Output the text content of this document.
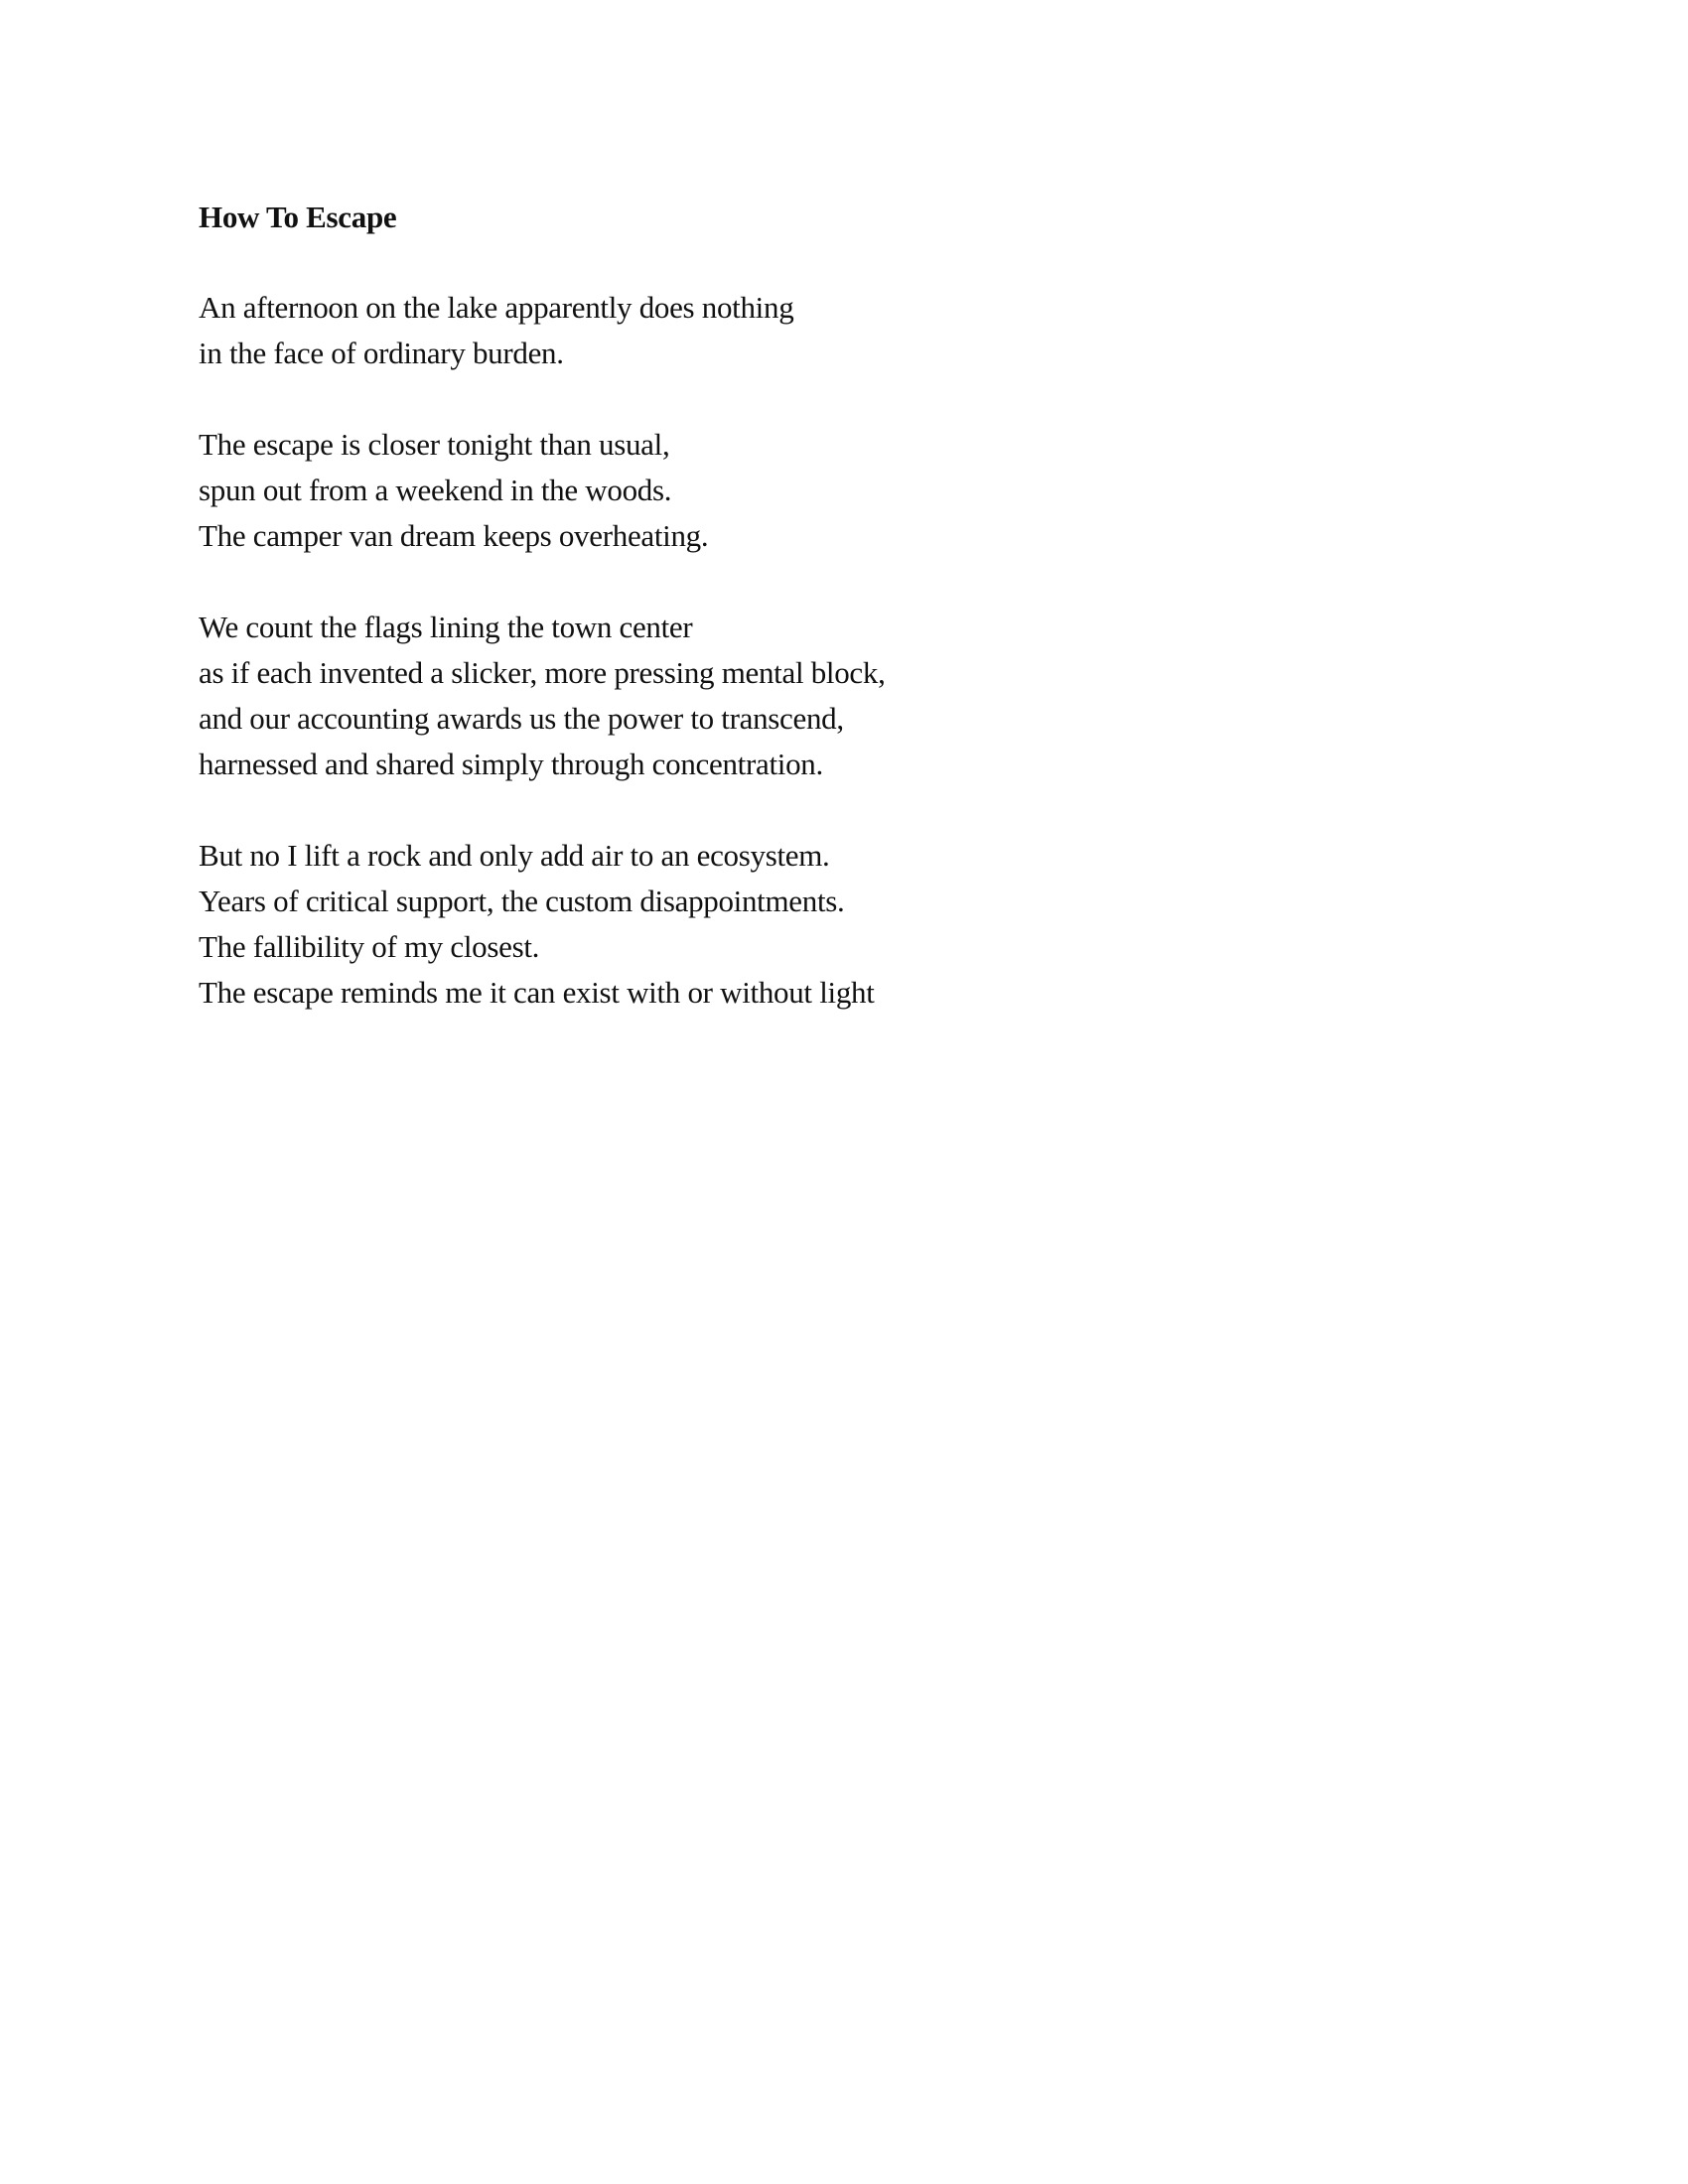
How To Escape
An afternoon on the lake apparently does nothing
in the face of ordinary burden.
The escape is closer tonight than usual,
spun out from a weekend in the woods.
The camper van dream keeps overheating.
We count the flags lining the town center
as if each invented a slicker, more pressing mental block,
and our accounting awards us the power to transcend,
harnessed and shared simply through concentration.
But no I lift a rock and only add air to an ecosystem.
Years of critical support, the custom disappointments.
The fallibility of my closest.
The escape reminds me it can exist with or without light
